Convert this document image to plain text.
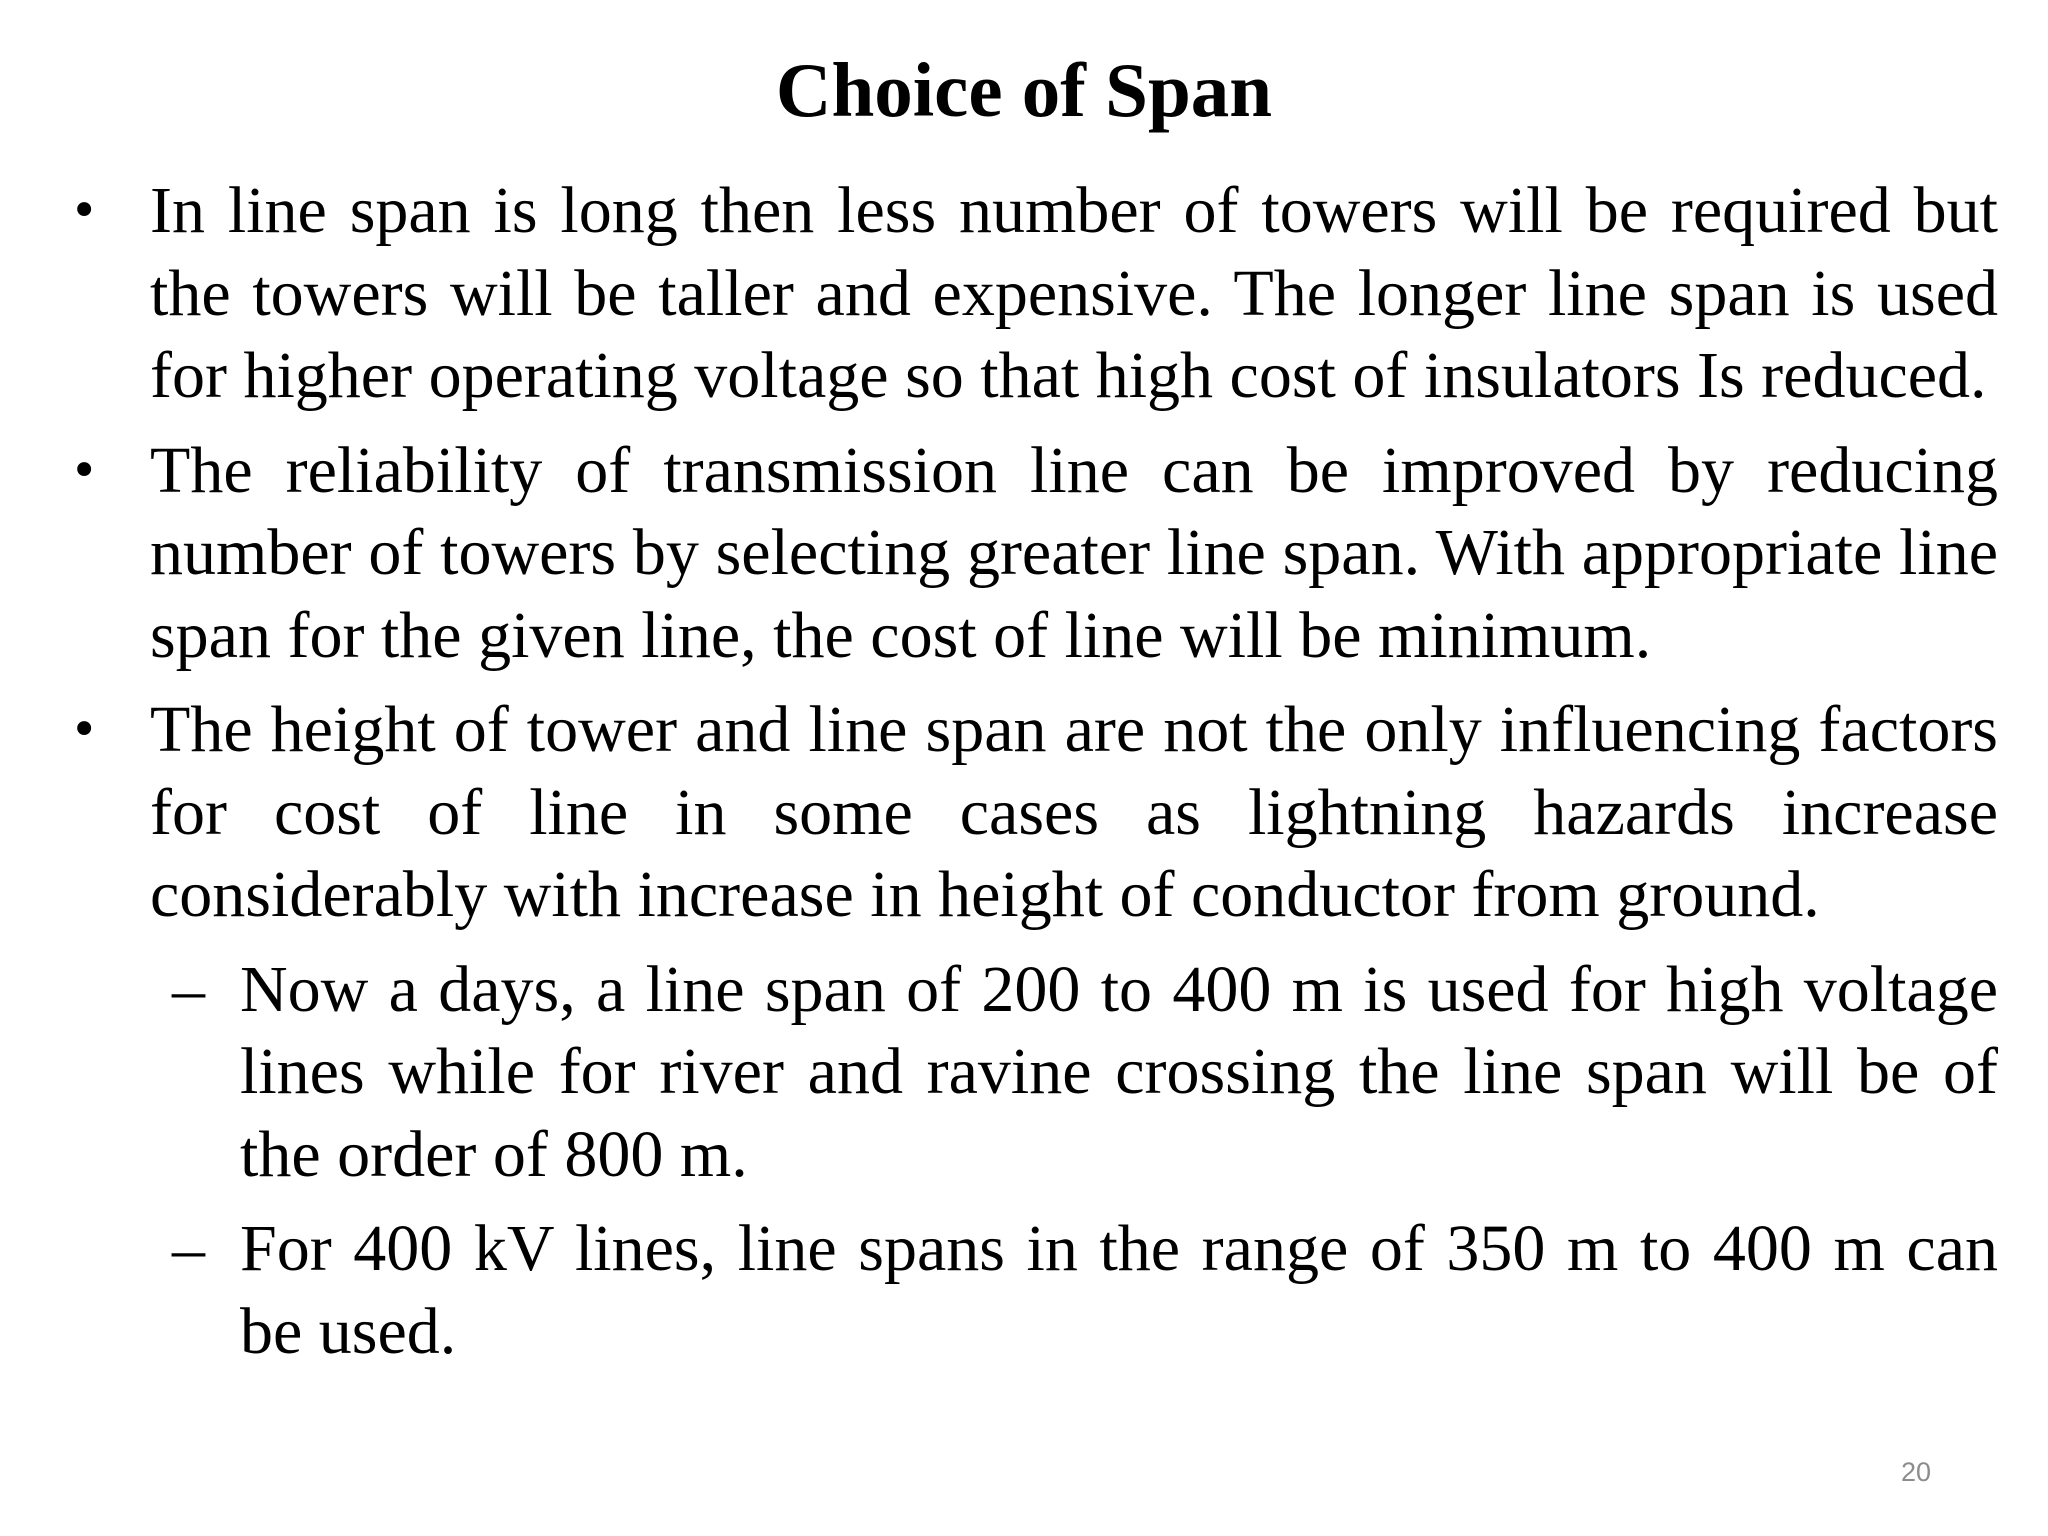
Choice of Span
• In line span is long then less number of towers will be required but the towers will be taller and expensive. The longer line span is used for higher operating voltage so that high cost of insulators Is reduced.
• The reliability of transmission line can be improved by reducing number of towers by selecting greater line span. With appropriate line span for the given line, the cost of line will be minimum.
• The height of tower and line span are not the only influencing factors for cost of line in some cases as lightning hazards increase considerably with increase in height of conductor from ground.
– Now a days, a line span of 200 to 400 m is used for high voltage lines while for river and ravine crossing the line span will be of the order of 800 m.
– For 400 kV lines, line spans in the range of 350 m to 400 m can be used.
20
